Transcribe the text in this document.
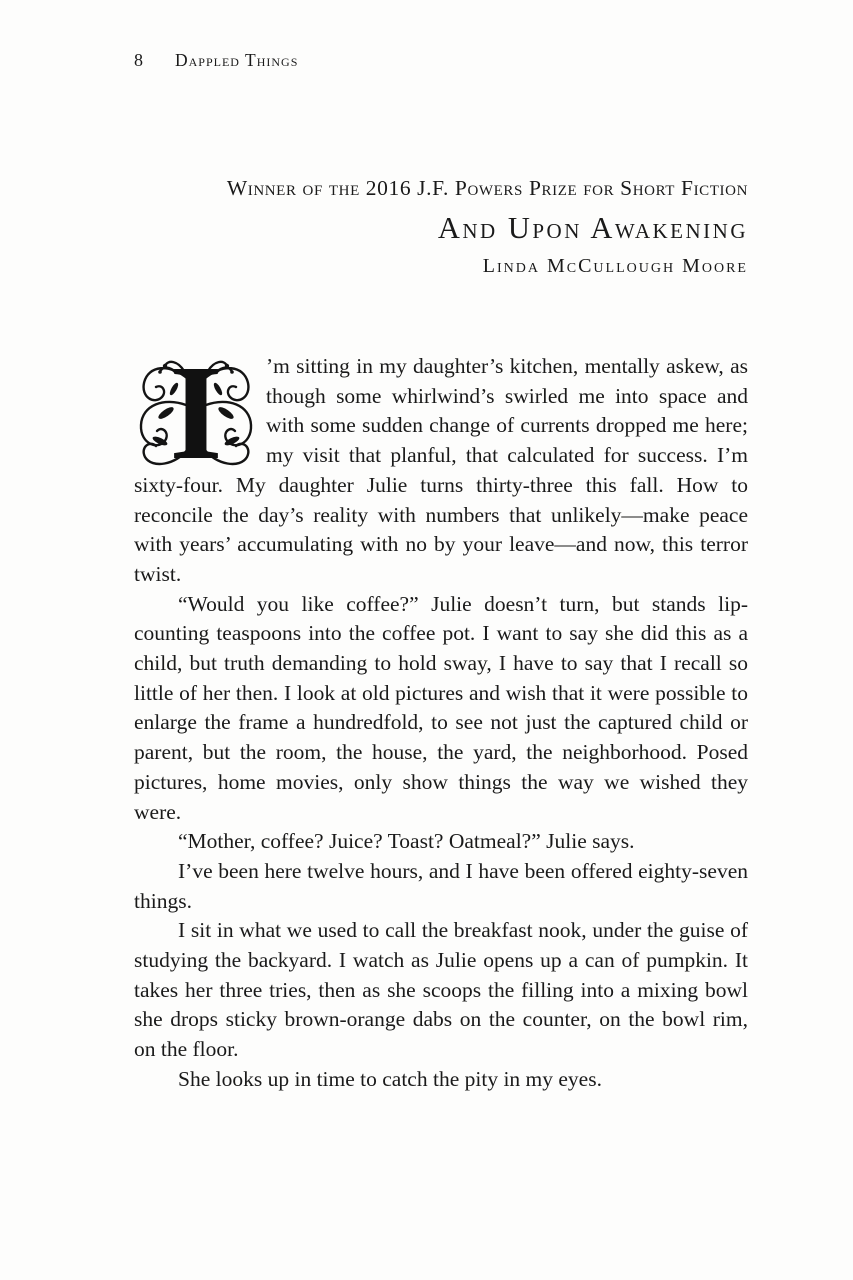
8 Dappled Things
Winner of the 2016 J.F. Powers Prize for Short Fiction
And Upon Awakening
Linda McCullough Moore

I ’m sitting in my daughter’s kitchen, mentally askew, as though some whirlwind’s swirled me into space and with some sudden change of currents dropped me here; my visit that planful, that calculated for success. I’m sixty-four. My daughter Julie turns thirty-three this fall. How to reconcile the day’s reality with numbers that unlikely—make peace with years’ accumulating with no by your leave—and now, this terror twist.

“Would you like coffee?” Julie doesn’t turn, but stands lip-counting teaspoons into the coffee pot. I want to say she did this as a child, but truth demanding to hold sway, I have to say that I recall so little of her then. I look at old pictures and wish that it were possible to enlarge the frame a hundredfold, to see not just the captured child or parent, but the room, the house, the yard, the neighborhood. Posed pictures, home movies, only show things the way we wished they were.

“Mother, coffee? Juice? Toast? Oatmeal?” Julie says.

I’ve been here twelve hours, and I have been offered eighty-seven things.

I sit in what we used to call the breakfast nook, under the guise of studying the backyard. I watch as Julie opens up a can of pumpkin. It takes her three tries, then as she scoops the filling into a mixing bowl she drops sticky brown-orange dabs on the counter, on the bowl rim, on the floor.

She looks up in time to catch the pity in my eyes.
